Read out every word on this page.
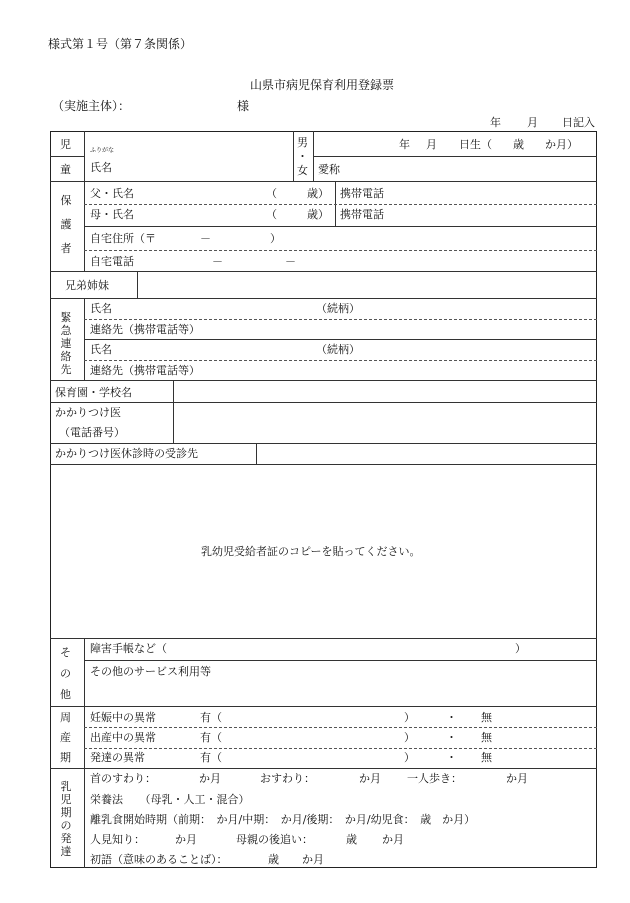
様式第１号（第７条関係）
山県市病児保育利用登録票
（実施主体）：	様
年 月 日記入
児
童
ふりがな
氏名
男
・
女
年 月 日生（ 歳 か月）
愛称
保護者
父・氏名	（	歳） 携帯電話
母・氏名	（	歳） 携帯電話
自宅住所（〒	－	）
自宅電話	－	－
兄弟姉妹
緊急連絡先
氏名	（続柄）
連絡先（携帯電話等）
氏名	（続柄）
連絡先（携帯電話等）
保育園・学校名
かかりつけ医
（電話番号）
かかりつけ医休診時の受診先
乳幼児受給者証のコピーを貼ってください。
そ
の
他
障害手帳など（	）
その他のサービス利用等
周
産
期
妊娠中の異常	有（	）	・ 無
出産中の異常	有（	）	・ 無
発達の異常	有（	）	・ 無
乳児期の発達
首のすわり：	か月	おすわり：	か月 一人歩き：	か月
栄養法　　（母乳・人工・混合）
離乳食開始時期（前期：　か月/中期：　か月/後期：　か月/幼児食：　歳　か月）
人見知り：	か月	母親の後追い：	歳 か月
初語（意味のあることば）：	歳 か月
